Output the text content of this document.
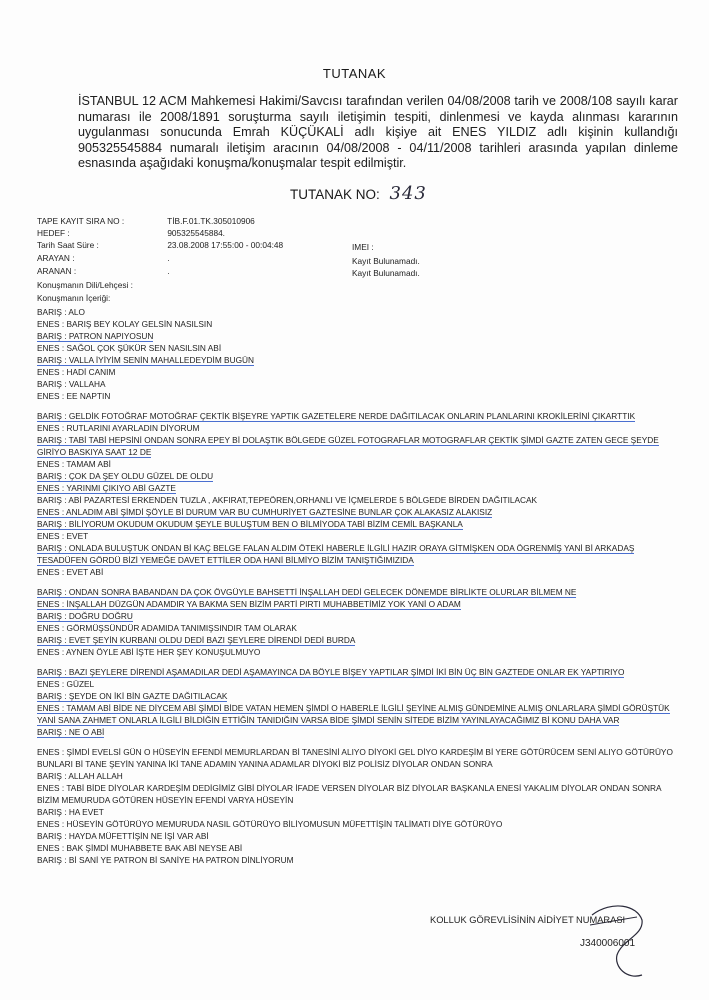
TUTANAK
İSTANBUL 12 ACM Mahkemesi Hakimi/Savcısı tarafından verilen 04/08/2008 tarih ve 2008/108 sayılı karar numarası ile 2008/1891 soruşturma sayılı iletişimin tespiti, dinlenmesi ve kayda alınması kararının uygulanması sonucunda Emrah KÜÇÜKALİ adlı kişiye ait ENES YILDIZ adlı kişinin kullandığı 905325545884 numaralı iletişim aracının 04/08/2008 - 04/11/2008 tarihleri arasında yapılan dinleme esnasında aşağıdaki konuşma/konuşmalar tespit edilmiştir.
TUTANAK NO: 343
TAPE KAYIT SIRA NO :	TİB.F.01.TK.305010906
HEDEF :	905325545884.
Tarih Saat Süre :	23.08.2008 17:55:00 - 00:04:48	IMEI :
ARAYAN :	.	Kayıt Bulunamadı.
ARANAN :	.	Kayıt Bulunamadı.
Konuşmanın Dili/Lehçesi :
Konuşmanın İçeriği:

BARIŞ : ALO

ENES : BARIŞ BEY KOLAY GELSİN NASILSIN

BARIŞ : PATRON NAPIYOSUN

ENES : SAĞOL ÇOK ŞÜKÜR SEN NASILSIN ABİ

BARIŞ : VALLA İYİYİM SENİN MAHALLEDEYDİM BUGÜN

ENES : HADİ CANIM

BARIŞ : VALLAHA

ENES : EE NAPTIN

BARIŞ : GELDİK FOTOĞRAF MOTOĞRAF ÇEKTİK BİŞEYRE YAPTIK GAZETELERE NERDE DAĞITILACAK ONLARIN PLANLARINI KROKİLERİNİ ÇIKARTTIK

ENES : RUTLARINI AYARLADIN DİYORUM

BARIŞ : TABİ TABİ HEPSİNİ ONDAN SONRA EPEY Bİ DOLAŞTIK BÖLGEDE GÜZEL FOTOGRAFLAR MOTOGRAFLAR ÇEKTİK ŞİMDİ GAZTE ZATEN GECE ŞEYDE GİRİYO BASKIYA SAAT 12 DE

ENES : TAMAM ABİ

BARIŞ : ÇOK DA ŞEY OLDU GÜZEL DE OLDU

ENES : YARINMI ÇIKIYO ABİ GAZTE

BARIŞ : ABİ PAZARTESİ ERKENDEN TUZLA , AKFIRAT,TEPEÖREN,ORHANLI VE İÇMELERDE 5 BÖLGEDE BİRDEN DAĞITILACAK

ENES : ANLADIM ABİ ŞİMDİ ŞÖYLE Bİ DURUM VAR BU CUMHURİYET GAZTESİNE BUNLAR ÇOK ALAKASIZ ALAKISIZ

BARIŞ : BİLİYORUM OKUDUM OKUDUM ŞEYLE BULUŞTUM BEN O BİLMİYODA TABİ BİZİM CEMİL BAŞKANLA

ENES : EVET

BARIŞ : ONLADA BULUŞTUK ONDAN Bİ KAÇ BELGE FALAN ALDIM ÖTEKİ HABERLE İLGİLİ HAZIR ORAYA GİTMİŞKEN ODA ÖGRENMİŞ YANİ Bİ ARKADAŞ TESADÜFEN GÖRDÜ BİZİ YEMEĞE DAVET ETTİLER ODA HANİ BİLMİYO BİZİM TANIŞTIĞIMIZIDA

ENES : EVET ABİ

BARIŞ : ONDAN SONRA BABANDAN DA ÇOK ÖVGÜYLE BAHSETTİ İNŞALLAH DEDİ GELECEK DÖNEMDE BİRLİKTE OLURLAR BİLMEM NE

ENES : İNŞALLAH DÜZGÜN ADAMDIR YA BAKMA SEN BİZİM PARTİ PIRTI MUHABBETİMİZ YOK YANİ O ADAM

BARIŞ : DOĞRU DOĞRU

ENES : GÖRMÜŞSÜNDÜR ADAMIDA TANIMIŞSINDIR TAM OLARAK

BARIŞ : EVET ŞEYİN KURBANI OLDU DEDİ BAZI ŞEYLERE DİRENDİ DEDİ BURDA

ENES : AYNEN ÖYLE ABİ İŞTE HER ŞEY KONUŞULMUYO

BARIŞ : BAZI ŞEYLERE DİRENDİ AŞAMADILAR DEDİ AŞAMAYINCA DA BÖYLE BİŞEY YAPTILAR ŞİMDİ İKİ BİN ÜÇ BİN GAZTEDE ONLAR EK YAPTIRIYO

ENES : GÜZEL

BARIŞ : ŞEYDE ON İKİ BİN GAZTE DAĞITILACAK

ENES : TAMAM ABİ BİDE NE DİYCEM ABİ ŞİMDİ BİDE VATAN HEMEN ŞİMDİ O HABERLE İLGİLİ ŞEYİNE ALMIŞ GÜNDEMİNE ALMIŞ ONLARLARA ŞİMDİ GÖRÜŞTÜK YANİ SANA ZAHMET ONLARLA İLGİLİ BİLDİĞİN ETTİĞİN TANIDIĞIN VARSA BİDE ŞİMDİ SENİN SİTEDE BİZİM YAYINLAYACAĞIMIZ Bİ KONU DAHA VAR

BARIŞ : NE O ABİ

ENES : ŞİMDİ EVELSİ GÜN O HÜSEYİN EFENDİ MEMURLARDAN Bİ TANESİNİ ALIYO DİYOKİ GEL DİYO KARDEŞİM Bİ YERE GÖTÜRÜCEM SENİ ALIYO GÖTÜRÜYO BUNLARI Bİ TANE ŞEYİN YANINA İKİ TANE ADAMIN YANINA ADAMLAR DİYOKİ BİZ POLİSİZ DİYOLAR ONDAN SONRA

BARIŞ : ALLAH ALLAH

ENES : TABİ BİDE DİYOLAR KARDEŞİM DEDİGİMİZ GİBİ DİYOLAR İFADE VERSEN DİYOLAR BİZ DİYOLAR BAŞKANLA ENESİ YAKALIM DİYOLAR ONDAN SONRA BİZİM MEMURUDA GÖTÜREN HÜSEYİN EFENDİ VARYA HÜSEYİN

BARIŞ : HA EVET

ENES : HÜSEYİN GÖTÜRÜYO MEMURUDA NASIL GÖTÜRÜYO BİLİYOMUSUN MÜFETTİŞİN TALİMATI DİYE GÖTÜRÜYO

BARIŞ : HAYDA MÜFETTİŞİN NE İŞİ VAR ABİ

ENES : BAK ŞİMDİ MUHABBETE BAK ABİ NEYSE ABİ

BARIŞ : Bİ SANİ YE PATRON Bİ SANİYE HA PATRON DİNLİYORUM

KOLLUK GÖREVLİSİNİN AİDİYET NUMARASI
J340006001
